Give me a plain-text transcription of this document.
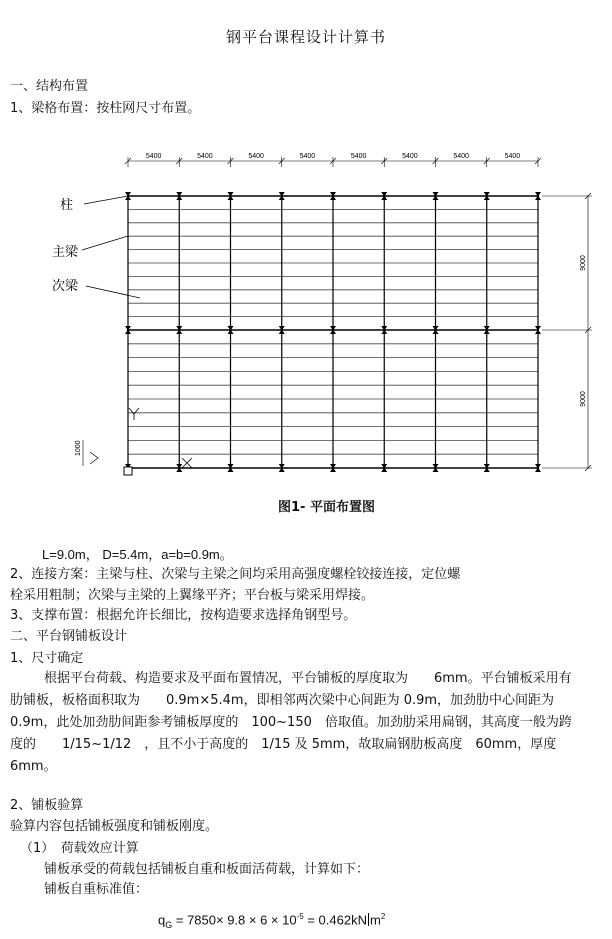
钢平台课程设计计算书
一、结构布置
1、梁格布置：按柱网尺寸布置。
5400	5400	5400	5400	5400	5400	5400	5400
9000
9000
柱
主梁
次梁
1000
图1- 平面布置图
L=9.0m， D=5.4m，a=b=0.9m。
2、连接方案：主梁与柱、次梁与主梁之间均采用高强度螺栓铰接连接，定位螺
栓采用粗制；次梁与主梁的上翼缘平齐；平台板与梁采用焊接。
3、支撑布置：根据允许长细比，按构造要求选择角钢型号。
二、平台钢铺板设计
1、尺寸确定
根据平台荷载、构造要求及平面布置情况，平台铺板的厚度取为　　6mm。平台铺板采用有肋铺板，板格面积取为　　0.9m×5.4m，即相邻两次梁中心间距为 0.9m，加劲肋中心间距为　0.9m，此处加劲肋间距参考铺板厚度的　100~150　倍取值。加劲肋采用扁钢，其高度一般为跨度的　　1/15~1/12　，且不小于高度的　1/15 及 5mm，故取扁钢肋板高度　60mm，厚度 6mm。
2、铺板验算
验算内容包括铺板强度和铺板刚度。
（1）　荷载效应计算
铺板承受的荷载包括铺板自重和板面活荷载，计算如下：
铺板自重标准值：
$q_G = 7850\times 9.8 \times 6 \times 10^{-5} = 0.462kN$ $m^2$
